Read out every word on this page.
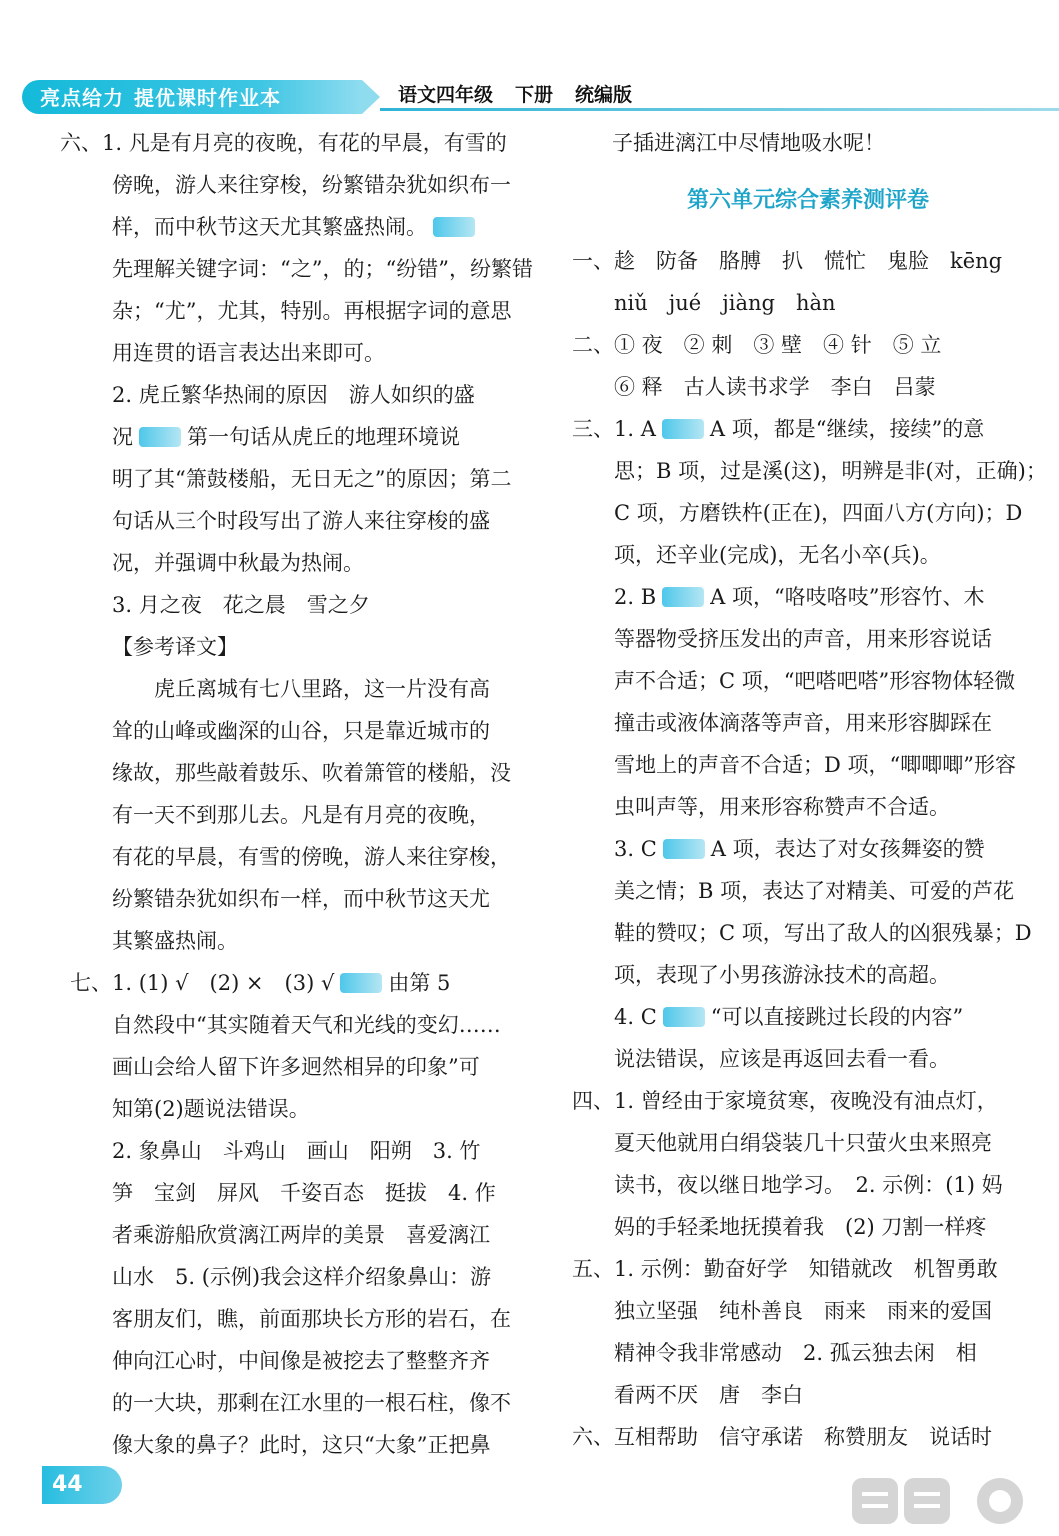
亮点给力 提优课时作业本	语文四年级 下册 统编版
六、1. 凡是有月亮的夜晚，有花的早晨，有雪的
傍晚，游人来往穿梭，纷繁错杂犹如织布一
样，而中秋节这天尤其繁盛热闹。
先理解关键字词：“之”，的；“纷错”，纷繁错
杂；“尤”，尤其，特别。再根据字词的意思
用连贯的语言表达出来即可。
2. 虎丘繁华热闹的原因　游人如织的盛
况	第一句话从虎丘的地理环境说
明了其“箫鼓楼船，无日无之”的原因；第二
句话从三个时段写出了游人来往穿梭的盛
况，并强调中秋最为热闹。
3. 月之夜　花之晨　雪之夕
【参考译文】
虎丘离城有七八里路，这一片没有高
耸的山峰或幽深的山谷，只是靠近城市的
缘故，那些敲着鼓乐、吹着箫管的楼船，没
有一天不到那儿去。凡是有月亮的夜晚，
有花的早晨，有雪的傍晚，游人来往穿梭，
纷繁错杂犹如织布一样，而中秋节这天尤
其繁盛热闹。
七、1. (1) √　(2) ×　(3) √	由第 5
自然段中“其实随着天气和光线的变幻……
画山会给人留下许多迥然相异的印象”可
知第(2)题说法错误。
2. 象鼻山　斗鸡山　画山　阳朔　3. 竹
笋　宝剑　屏风　千姿百态　挺拔　4. 作
者乘游船欣赏漓江两岸的美景　喜爱漓江
山水　5. (示例)我会这样介绍象鼻山：游
客朋友们，瞧，前面那块长方形的岩石，在
伸向江心时，中间像是被挖去了整整齐齐
的一大块，那剩在江水里的一根石柱，像不
像大象的鼻子？此时，这只“大象”正把鼻
子插进漓江中尽情地吸水呢！
第六单元综合素养测评卷
一、趁　防备　胳膊　扒　慌忙　鬼脸　kēng
niǔ　jué　jiàng　hàn
二、① 夜　② 刺　③ 壁　④ 针　⑤ 立
⑥ 释　古人读书求学　李白　吕蒙
三、1. A	A 项，都是“继续，接续”的意
思；B 项，过是溪(这)，明辨是非(对，正确)；
C 项，方磨铁杵(正在)，四面八方(方向)；D
项，还辛业(完成)，无名小卒(兵)。
2. B	A 项，“咯吱咯吱”形容竹、木
等器物受挤压发出的声音，用来形容说话
声不合适；C 项，“吧嗒吧嗒”形容物体轻微
撞击或液体滴落等声音，用来形容脚踩在
雪地上的声音不合适；D 项，“唧唧唧”形容
虫叫声等，用来形容称赞声不合适。
3. C	A 项，表达了对女孩舞姿的赞
美之情；B 项，表达了对精美、可爱的芦花
鞋的赞叹；C 项，写出了敌人的凶狠残暴；D
项，表现了小男孩游泳技术的高超。
4. C	“可以直接跳过长段的内容”
说法错误，应该是再返回去看一看。
四、1. 曾经由于家境贫寒，夜晚没有油点灯，
夏天他就用白绢袋装几十只萤火虫来照亮
读书，夜以继日地学习。　2. 示例：(1) 妈
妈的手轻柔地抚摸着我　(2) 刀割一样疼
五、1. 示例：勤奋好学　知错就改　机智勇敢
独立坚强　纯朴善良　雨来　雨来的爱国
精神令我非常感动　2. 孤云独去闲　相
看两不厌　唐　李白
六、互相帮助　信守承诺　称赞朋友　说话时
44
